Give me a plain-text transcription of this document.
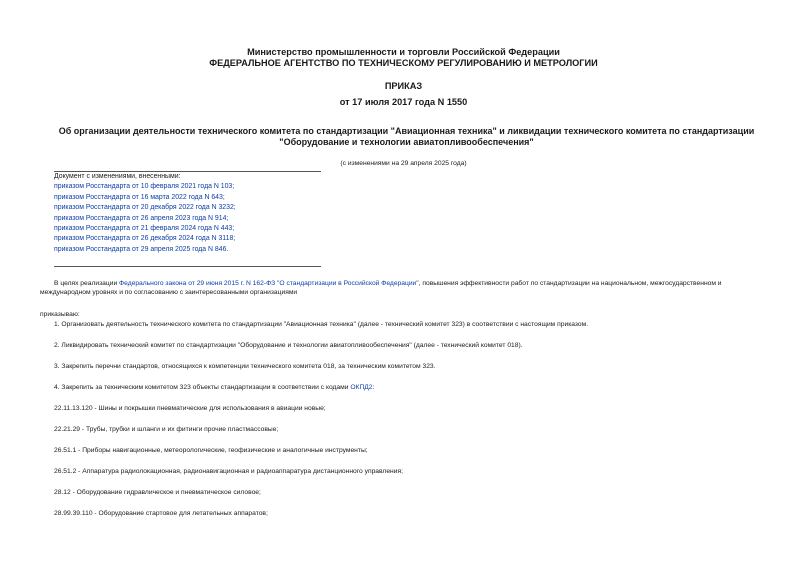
Министерство промышленности и торговли Российской Федерации
ФЕДЕРАЛЬНОЕ АГЕНТСТВО ПО ТЕХНИЧЕСКОМУ РЕГУЛИРОВАНИЮ И МЕТРОЛОГИИ
ПРИКАЗ
от 17 июля 2017 года N 1550
Об организации деятельности технического комитета по стандартизации "Авиационная техника" и ликвидации технического комитета по стандартизации
"Оборудование и технологии авиатопливообеспечения"
(с изменениями на 29 апреля 2025 года)
Документ с изменениями, внесенными:
приказом Росстандарта от 10 февраля 2021 года N 103;
приказом Росстандарта от 16 марта 2022 года N 643;
приказом Росстандарта от 20 декабря 2022 года N 3232;
приказом Росстандарта от 26 апреля 2023 года N 914;
приказом Росстандарта от 21 февраля 2024 года N 443;
приказом Росстандарта от 26 декабря 2024 года N 3118;
приказом Росстандарта от 29 апреля 2025 года N 846.
В целях реализации Федерального закона от 29 июня 2015 г. N 162-ФЗ "О стандартизации в Российской Федерации", повышения эффективности работ по стандартизации на национальном, межгосударственном и международном уровнях и по согласованию с заинтересованными организациями
приказываю:
1. Организовать деятельность технического комитета по стандартизации "Авиационная техника" (далее - технический комитет 323) в соответствии с настоящим приказом.
2. Ликвидировать технический комитет по стандартизации "Оборудование и технологии авиатопливообеспечения" (далее - технический комитет 018).
3. Закрепить перечни стандартов, относящихся к компетенции технического комитета 018, за техническим комитетом 323.
4. Закрепить за техническим комитетом 323 объекты стандартизации в соответствии с кодами ОКПД2:
22.11.13.120 - Шины и покрышки пневматические для использования в авиации новые;
22.21.29 - Трубы, трубки и шланги и их фитинги прочие пластмассовые;
26.51.1 - Приборы навигационные, метеорологические, геофизические и аналогичные инструменты;
26.51.2 - Аппаратура радиолокационная, радионавигационная и радиоаппаратура дистанционного управления;
28.12 - Оборудование гидравлическое и пневматическое силовое;
28.99.39.110 - Оборудование стартовое для летательных аппаратов;
